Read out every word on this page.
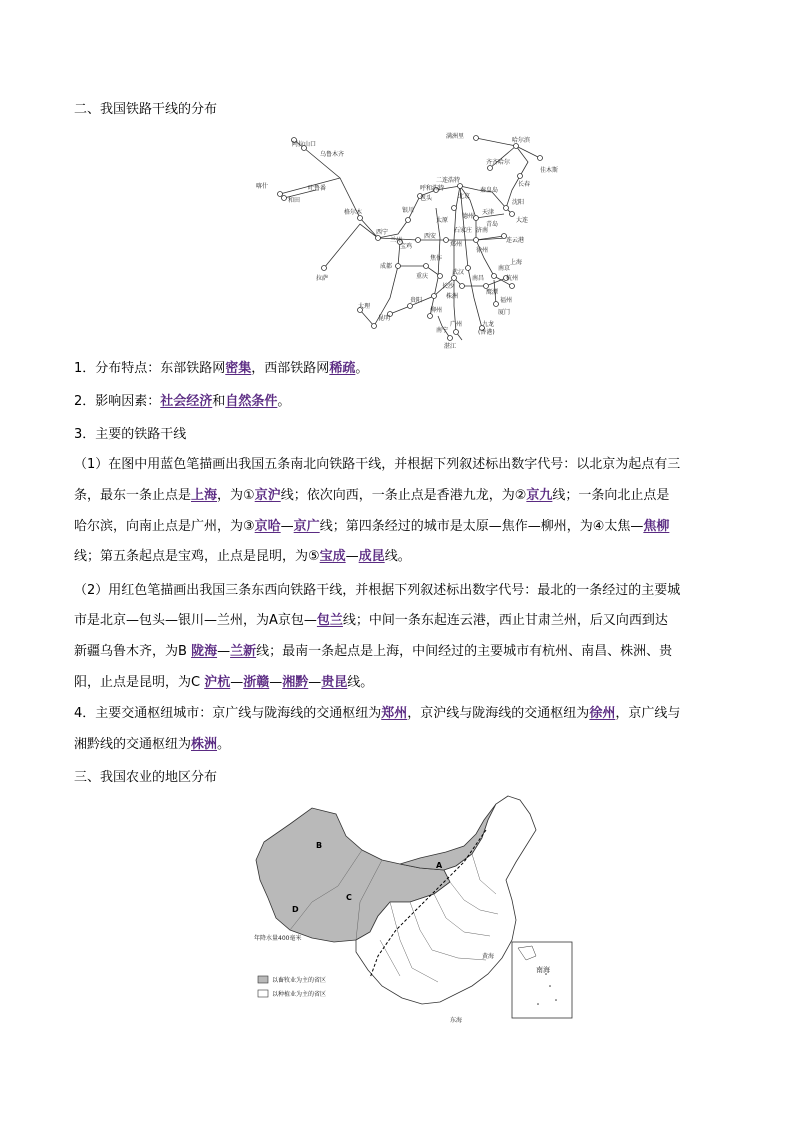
二、我国铁路干线的分布
满洲里
哈尔滨
齐齐哈尔
佳木斯
长春
沈阳
大连
阿拉山口
乌鲁木齐
吐鲁番
喀什
和田
呼和浩特
包头	北京
秦皇岛
天津
银川
太原
石家庄 济南
德州
青岛
连云港
西宁
兰州
宝鸡
西安
郑州
徐州
南京
上海
杭州
格尔木
拉萨
成都
重庆
武汉
南昌
株洲
长沙
福州
厦门
贵阳
柳州
广州
昆明
大理
南宁
湛江
九龙
(香港)
焦作
鹰潭
二连浩特
1．分布特点：东部铁路网密集，西部铁路网稀疏。
2．影响因素：社会经济和自然条件。
3．主要的铁路干线
（1）在图中用蓝色笔描画出我国五条南北向铁路干线，并根据下列叙述标出数字代号：以北京为起点有三
条，最东一条止点是上海，为①京沪线；依次向西，一条止点是香港九龙，为②京九线；一条向北止点是
哈尔滨，向南止点是广州，为③京哈—京广线；第四条经过的城市是太原—焦作—柳州，为④太焦—焦柳
线；第五条起点是宝鸡，止点是昆明，为⑤宝成—成昆线。
（2）用红色笔描画出我国三条东西向铁路干线，并根据下列叙述标出数字代号：最北的一条经过的主要城
市是北京—包头—银川—兰州，为A京包—包兰线；中间一条东起连云港，西止甘肃兰州，后又向西到达
新疆乌鲁木齐，为B 陇海—兰新线；最南一条起点是上海，中间经过的主要城市有杭州、南昌、株洲、贵
阳，止点是昆明，为C 沪杭—浙赣—湘黔—贵昆线。
4．主要交通枢纽城市：京广线与陇海线的交通枢纽为郑州，京沪线与陇海线的交通枢纽为徐州，京广线与
湘黔线的交通枢纽为株洲。
三、我国农业的地区分布
A
B
C
D
年降水量400毫米
黄海
东海
以畜牧业为主的省区
以种植业为主的省区
南海
